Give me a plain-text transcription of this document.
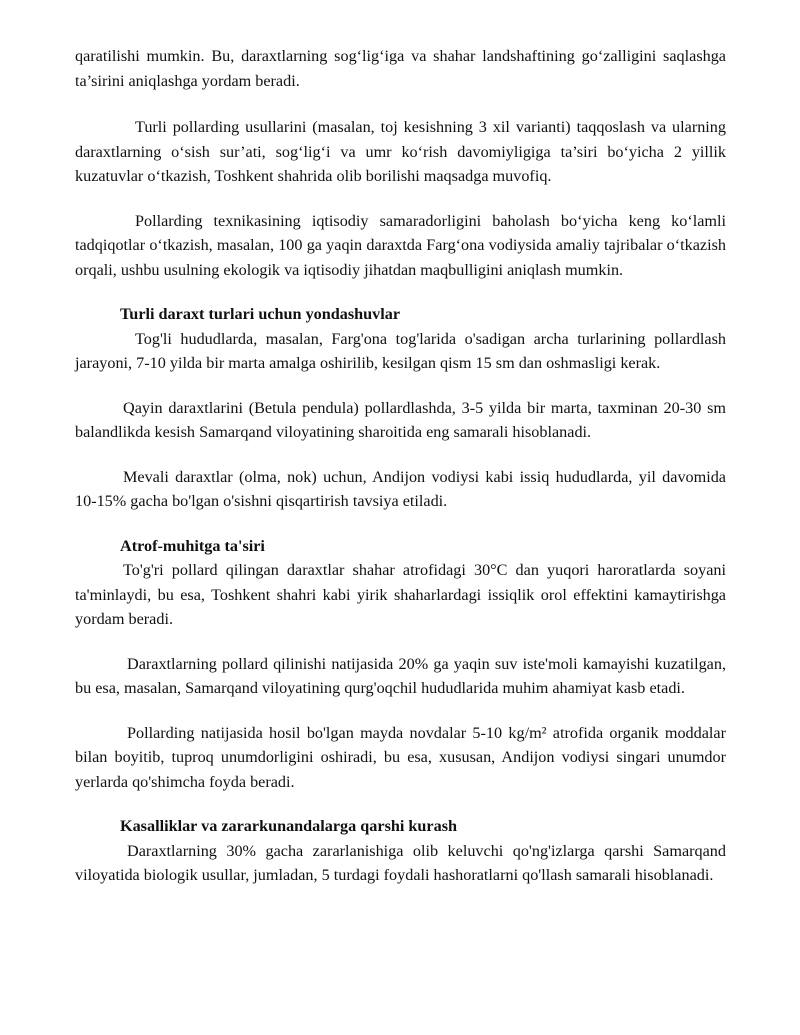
qaratilishi mumkin. Bu, daraxtlarning sog‘lig‘iga va shahar landshaftining go‘zalligini saqlashga ta’sirini aniqlashga yordam beradi.

Turli pollarding usullarini (masalan, toj kesishning 3 xil varianti) taqqoslash va ularning daraxtlarning o‘sish sur’ati, sog‘lig‘i va umr ko‘rish davomiyligiga ta’siri bo‘yicha 2 yillik kuzatuvlar o‘tkazish, Toshkent shahrida olib borilishi maqsadga muvofiq.

Pollarding texnikasining iqtisodiy samaradorligini baholash bo‘yicha keng ko‘lamli tadqiqotlar o‘tkazish, masalan, 100 ga yaqin daraxtda Farg‘ona vodiysida amaliy tajribalar o‘tkazish orqali, ushbu usulning ekologik va iqtisodiy jihatdan maqbulligini aniqlash mumkin.

Turli daraxt turlari uchun yondashuvlar

Tog'li hududlarda, masalan, Farg'ona tog'larida o'sadigan archa turlarining pollardlash jarayoni, 7-10 yilda bir marta amalga oshirilib, kesilgan qism 15 sm dan oshmasligi kerak.

Qayin daraxtlarini (Betula pendula) pollardlashda, 3-5 yilda bir marta, taxminan 20-30 sm balandlikda kesish Samarqand viloyatining sharoitida eng samarali hisoblanadi.

Mevali daraxtlar (olma, nok) uchun, Andijon vodiysi kabi issiq hududlarda, yil davomida 10-15% gacha bo'lgan o'sishni qisqartirish tavsiya etiladi.

Atrof-muhitga ta'siri

To'g'ri pollard qilingan daraxtlar shahar atrofidagi 30°C dan yuqori haroratlarda soyani ta'minlaydi, bu esa, Toshkent shahri kabi yirik shaharlardagi issiqlik orol effektini kamaytirishga yordam beradi.

Daraxtlarning pollard qilinishi natijasida 20% ga yaqin suv iste'moli kamayishi kuzatilgan, bu esa, masalan, Samarqand viloyatining qurg'oqchil hududlarida muhim ahamiyat kasb etadi.

Pollarding natijasida hosil bo'lgan mayda novdalar 5-10 kg/m² atrofida organik moddalar bilan boyitib, tuproq unumdorligini oshiradi, bu esa, xususan, Andijon vodiysi singari unumdor yerlarda qo'shimcha foyda beradi.

Kasalliklar va zararkunandalarga qarshi kurash

Daraxtlarning 30% gacha zararlanishiga olib keluvchi qo'ng'izlarga qarshi Samarqand viloyatida biologik usullar, jumladan, 5 turdagi foydali hashoratlarni qo'llash samarali hisoblanadi.
